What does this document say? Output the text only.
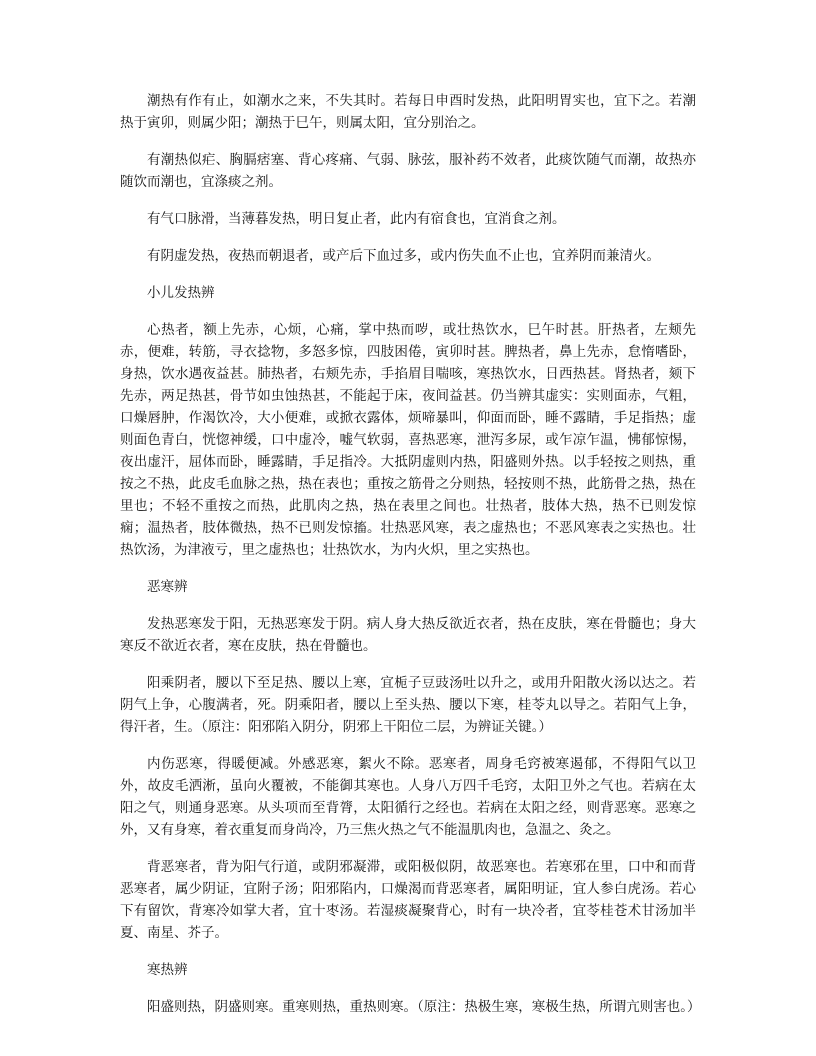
潮热有作有止，如潮水之来，不失其时。若每日申酉时发热，此阳明胃实也，宜下之。若潮热于寅卯，则属少阳；潮热于巳午，则属太阳，宜分别治之。

有潮热似疟、胸膈痞塞、背心疼痛、气弱、脉弦，服补药不效者，此痰饮随气而潮，故热亦随饮而潮也，宜涤痰之剂。

有气口脉滑，当薄暮发热，明日复止者，此内有宿食也，宜消食之剂。

有阴虚发热，夜热而朝退者，或产后下血过多，或内伤失血不止也，宜养阴而兼清火。

小儿发热辨

心热者，额上先赤，心烦，心痛，掌中热而哕，或壮热饮水，巳午时甚。肝热者，左颊先赤，便难，转筋，寻衣捻物，多怒多惊，四肢困倦，寅卯时甚。脾热者，鼻上先赤，怠惰嗜卧，身热，饮水遇夜益甚。肺热者，右颊先赤，手掐眉目喘咳，寒热饮水，日西热甚。肾热者，颏下先赤，两足热甚，骨节如虫蚀热甚，不能起于床，夜间益甚。仍当辨其虚实：实则面赤，气粗，口燥唇肿，作渴饮冷，大小便难，或掀衣露体，烦啼暴叫，仰面而卧，睡不露睛，手足指热；虚则面色青白，恍惚神缓，口中虚冷，嘘气软弱，喜热恶寒，泄泻多尿，或乍凉乍温，怫郁惊惕，夜出虚汗，屈体而卧，睡露睛，手足指冷。大抵阴虚则内热，阳盛则外热。以手轻按之则热，重按之不热，此皮毛血脉之热，热在表也；重按之筋骨之分则热，轻按则不热，此筋骨之热，热在里也；不轻不重按之而热，此肌肉之热，热在表里之间也。壮热者，肢体大热，热不已则发惊痫；温热者，肢体微热，热不已则发惊搐。壮热恶风寒，表之虚热也；不恶风寒表之实热也。壮热饮汤，为津液亏，里之虚热也；壮热饮水，为内火炽，里之实热也。

恶寒辨

发热恶寒发于阳，无热恶寒发于阴。病人身大热反欲近衣者，热在皮肤，寒在骨髓也；身大寒反不欲近衣者，寒在皮肤，热在骨髓也。

阳乘阴者，腰以下至足热、腰以上寒，宜栀子豆豉汤吐以升之，或用升阳散火汤以达之。若阴气上争，心腹满者，死。阴乘阳者，腰以上至头热、腰以下寒，桂苓丸以导之。若阳气上争，得汗者，生。（原注：阳邪陷入阴分，阴邪上干阳位二层，为辨证关键。）

内伤恶寒，得暖便减。外感恶寒，絮火不除。恶寒者，周身毛窍被寒遏郁，不得阳气以卫外，故皮毛洒淅，虽向火覆被，不能御其寒也。人身八万四千毛窍，太阳卫外之气也。若病在太阳之气，则通身恶寒。从头项而至背膂，太阳循行之经也。若病在太阳之经，则背恶寒。恶寒之外，又有身寒，着衣重复而身尚冷，乃三焦火热之气不能温肌肉也，急温之、灸之。

背恶寒者，背为阳气行道，或阴邪凝滞，或阳极似阴，故恶寒也。若寒邪在里，口中和而背恶寒者，属少阴证，宜附子汤；阳邪陷内，口燥渴而背恶寒者，属阳明证，宜人参白虎汤。若心下有留饮，背寒冷如掌大者，宜十枣汤。若湿痰凝聚背心，时有一块冷者，宜苓桂苍术甘汤加半夏、南星、芥子。

寒热辨

阳盛则热，阴盛则寒。重寒则热，重热则寒。（原注：热极生寒，寒极生热，所谓亢则害也。）
